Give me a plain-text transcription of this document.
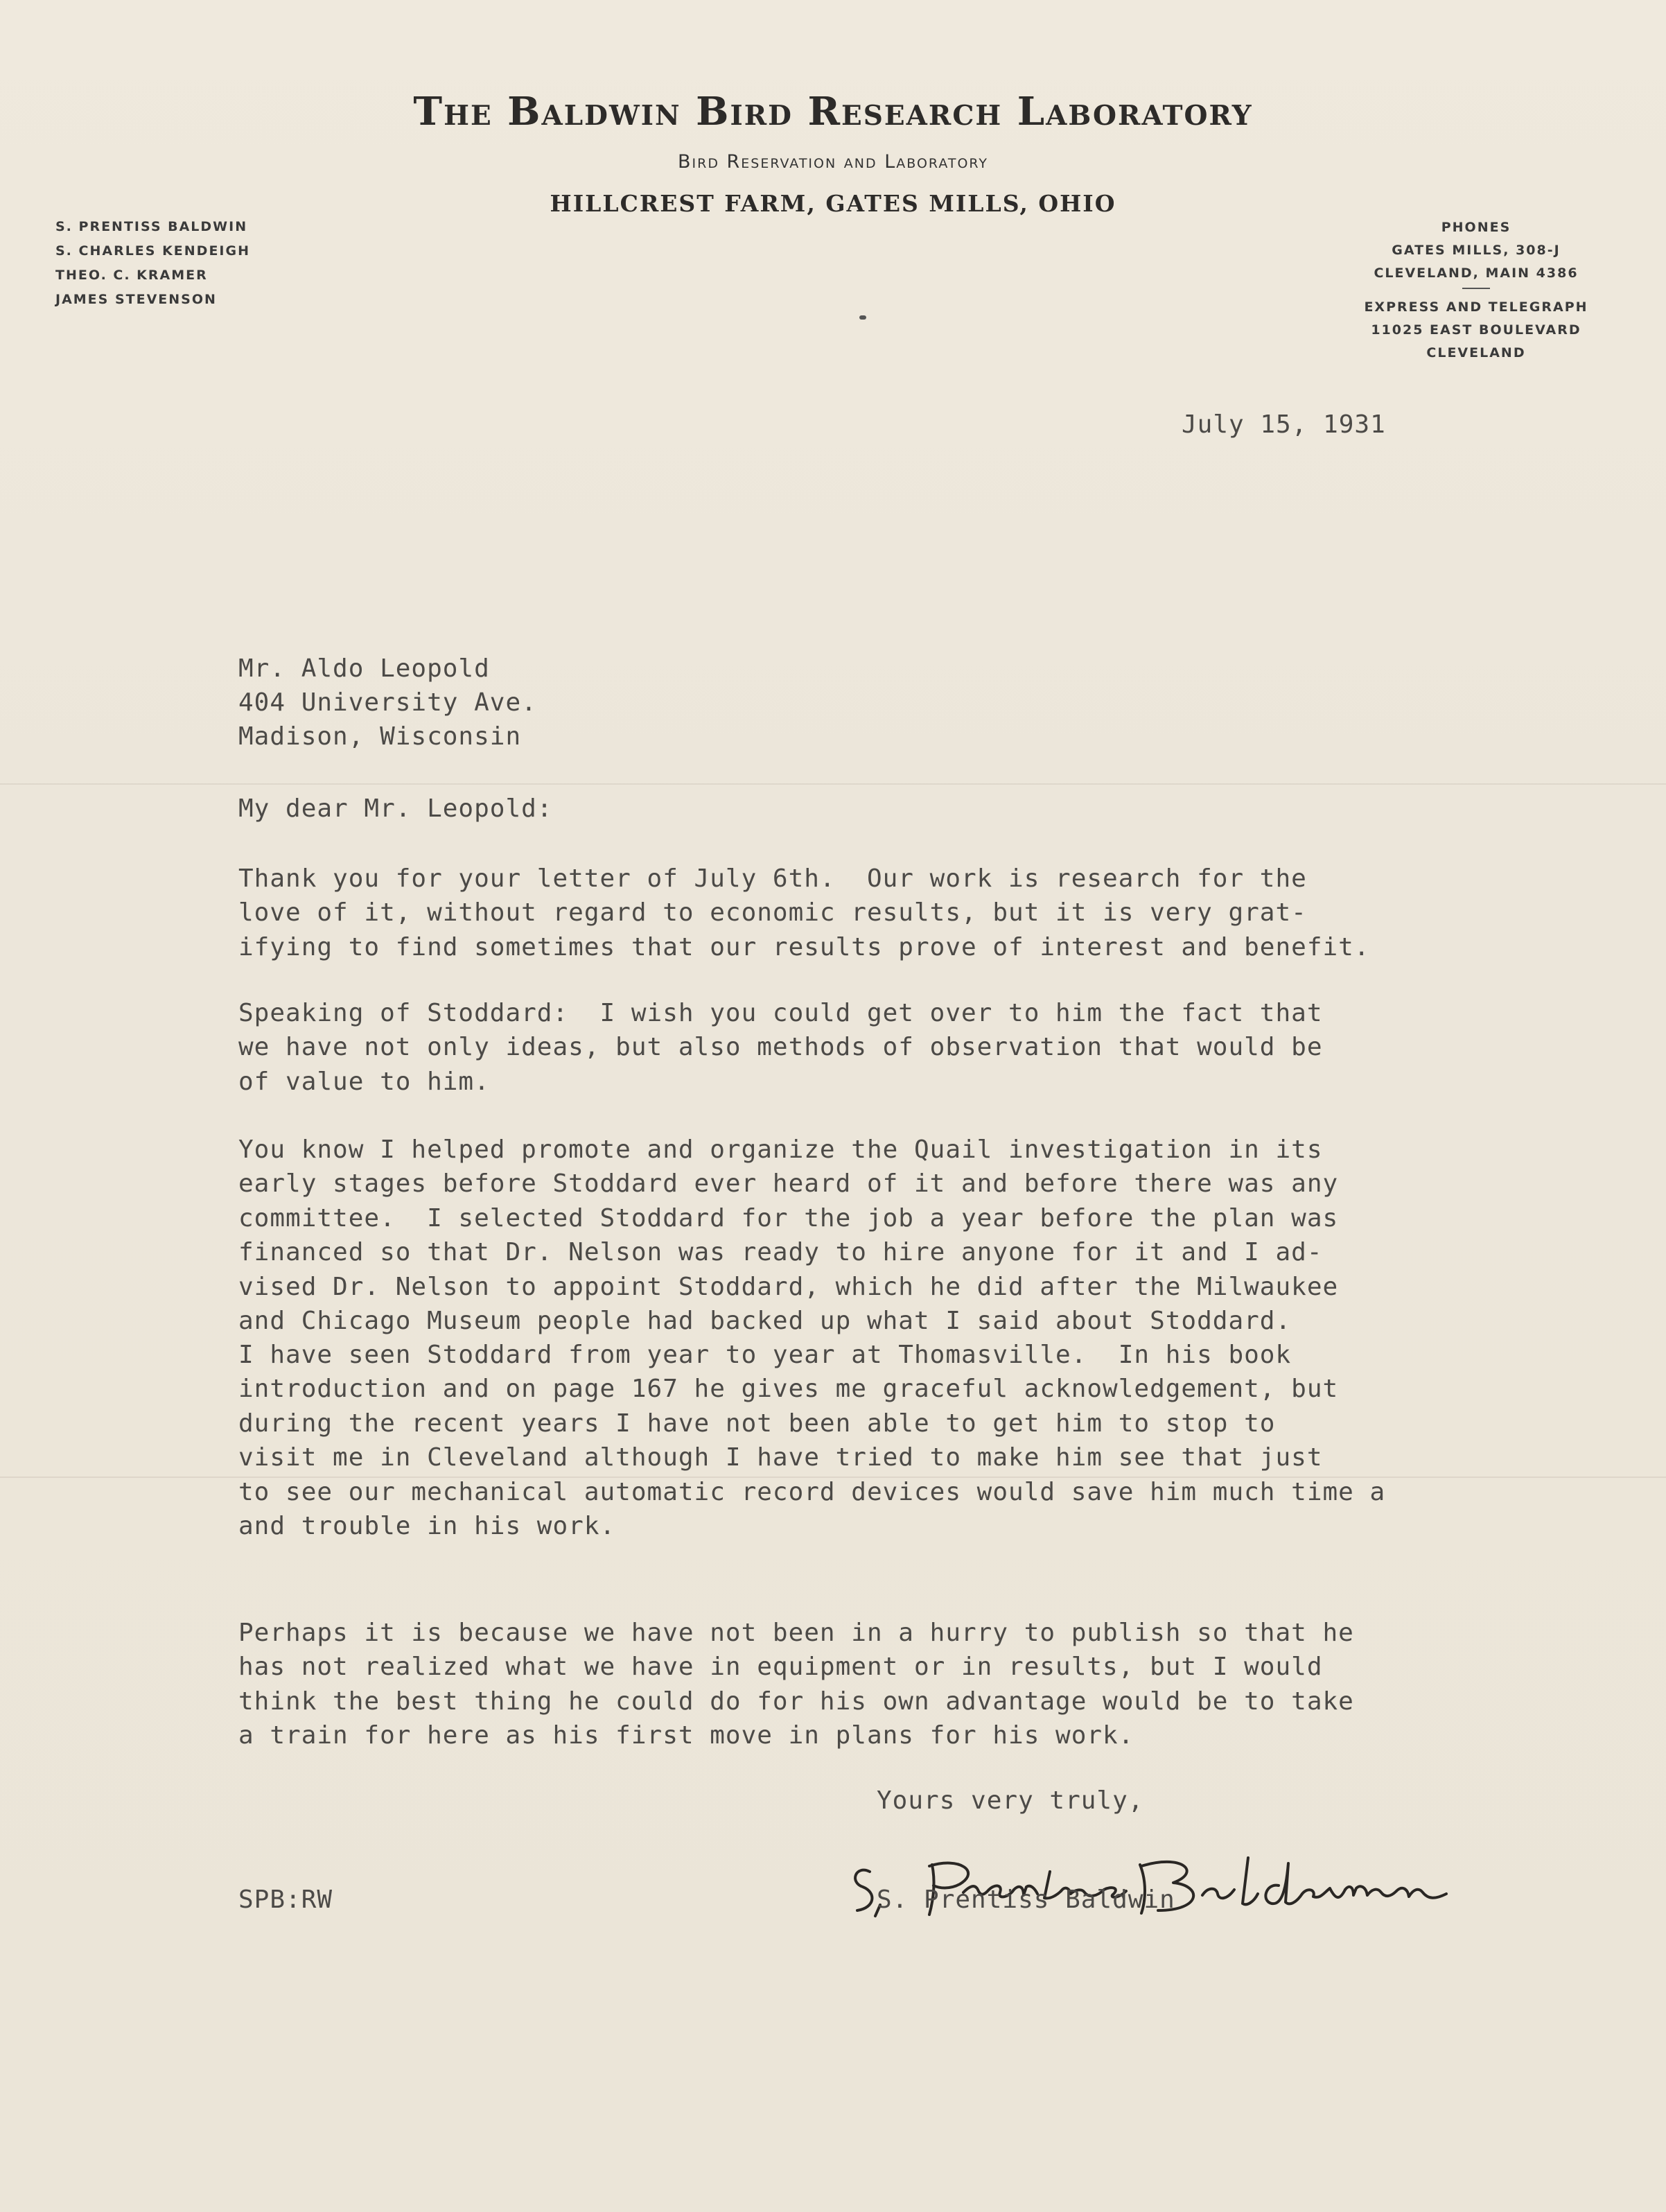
The Baldwin Bird Research Laboratory
Bird Reservation and Laboratory
HILLCREST FARM, GATES MILLS, OHIO
S. PRENTISS BALDWIN
S. CHARLES KENDEIGH
THEO. C. KRAMER
JAMES STEVENSON
PHONES
GATES MILLS, 308-J
CLEVELAND, MAIN 4386
EXPRESS AND TELEGRAPH
11025 EAST BOULEVARD
CLEVELAND
July 15, 1931
Mr. Aldo Leopold
404 University Ave.
Madison, Wisconsin
My dear Mr. Leopold:
Thank you for your letter of July 6th.  Our work is research for the
love of it, without regard to economic results, but it is very grat-
ifying to find sometimes that our results prove of interest and benefit.
Speaking of Stoddard:  I wish you could get over to him the fact that
we have not only ideas, but also methods of observation that would be
of value to him.
You know I helped promote and organize the Quail investigation in its
early stages before Stoddard ever heard of it and before there was any
committee.  I selected Stoddard for the job a year before the plan was
financed so that Dr. Nelson was ready to hire anyone for it and I ad-
vised Dr. Nelson to appoint Stoddard, which he did after the Milwaukee
and Chicago Museum people had backed up what I said about Stoddard.
I have seen Stoddard from year to year at Thomasville.  In his book
introduction and on page 167 he gives me graceful acknowledgement, but
during the recent years I have not been able to get him to stop to
visit me in Cleveland although I have tried to make him see that just
to see our mechanical automatic record devices would save him much time a
and trouble in his work.
Perhaps it is because we have not been in a hurry to publish so that he
has not realized what we have in equipment or in results, but I would
think the best thing he could do for his own advantage would be to take
a train for here as his first move in plans for his work.
Yours very truly,
S. Prentiss Baldwin
SPB:RW
